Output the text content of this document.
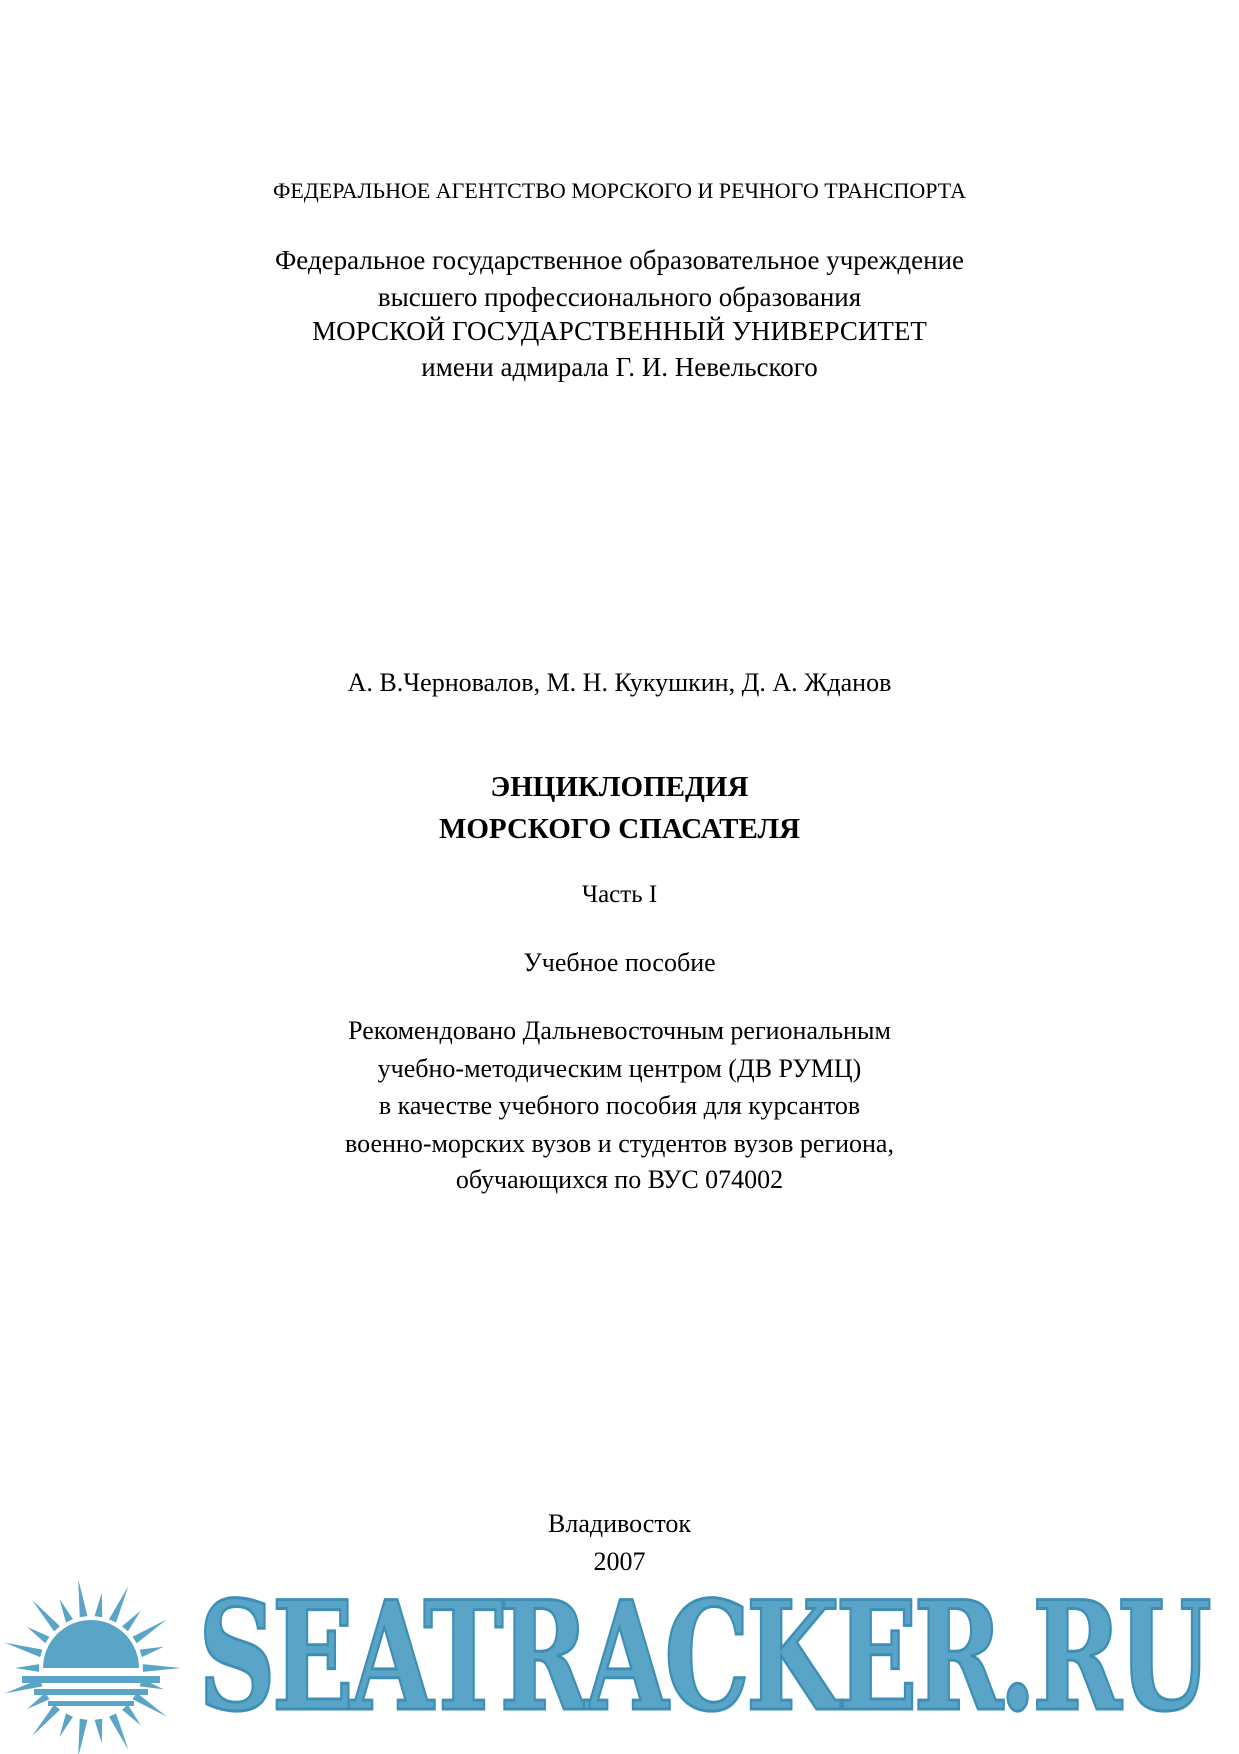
ФЕДЕРАЛЬНОЕ АГЕНТСТВО МОРСКОГО И РЕЧНОГО ТРАНСПОРТА
Федеральное государственное образовательное учреждение
высшего профессионального образования
МОРСКОЙ ГОСУДАРСТВЕННЫЙ УНИВЕРСИТЕТ
имени адмирала Г. И. Невельского
А. В.Черновалов, М. Н. Кукушкин, Д. А. Жданов
ЭНЦИКЛОПЕДИЯ
МОРСКОГО СПАСАТЕЛЯ
Часть I
Учебное пособие
Рекомендовано Дальневосточным региональным
учебно-методическим центром (ДВ РУМЦ)
в качестве учебного пособия для курсантов
военно-морских вузов и студентов вузов региона,
обучающихся по ВУС 074002
Владивосток
2007
SEATRACKER.RU
